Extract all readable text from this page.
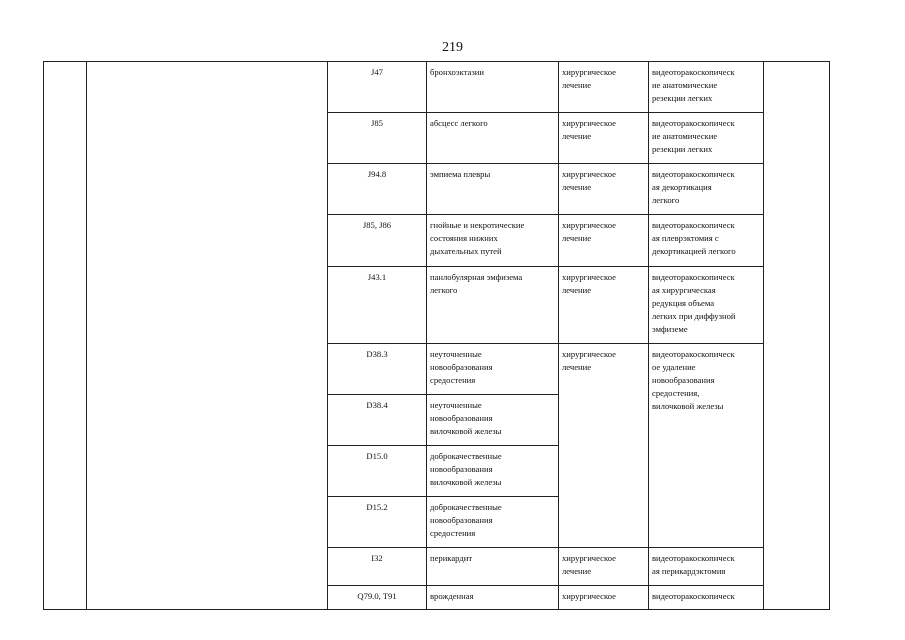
219
		J47	бронхоэктазии	хирургическое
лечение	видеоторакоскопическ
ие анатомические
резекции легких	
		J85	абсцесс легкого	хирургическое
лечение	видеоторакоскопическ
ие анатомические
резекции легких	
		J94.8	эмпиема плевры	хирургическое
лечение	видеоторакоскопическ
ая декортикация
легкого	
		J85, J86	гнойные и некротические
состояния нижних
дыхательных путей	хирургическое
лечение	видеоторакоскопическ
ая плеврэктомия с
декортикацией легкого	
		J43.1	панлобулярная эмфизема
легкого	хирургическое
лечение	видеоторакоскопическ
ая хирургическая
редукция объема
легких при диффузной
эмфиземе	
		D38.3	неуточненные
новообразования
средостения	хирургическое
лечение	видеоторакоскопическ
ое удаление
новообразования
средостения,
вилочковой железы	
		D38.4	неуточненные
новообразования
вилочковой железы			
		D15.0	доброкачественные
новообразования
вилочковой железы			
		D15.2	доброкачественные
новообразования
средостения			
		I32	перикардит	хирургическое
лечение	видеоторакоскопическ
ая перикардэктомия	
		Q79.0, T91	врожденная	хирургическое	видеоторакоскопическ	
